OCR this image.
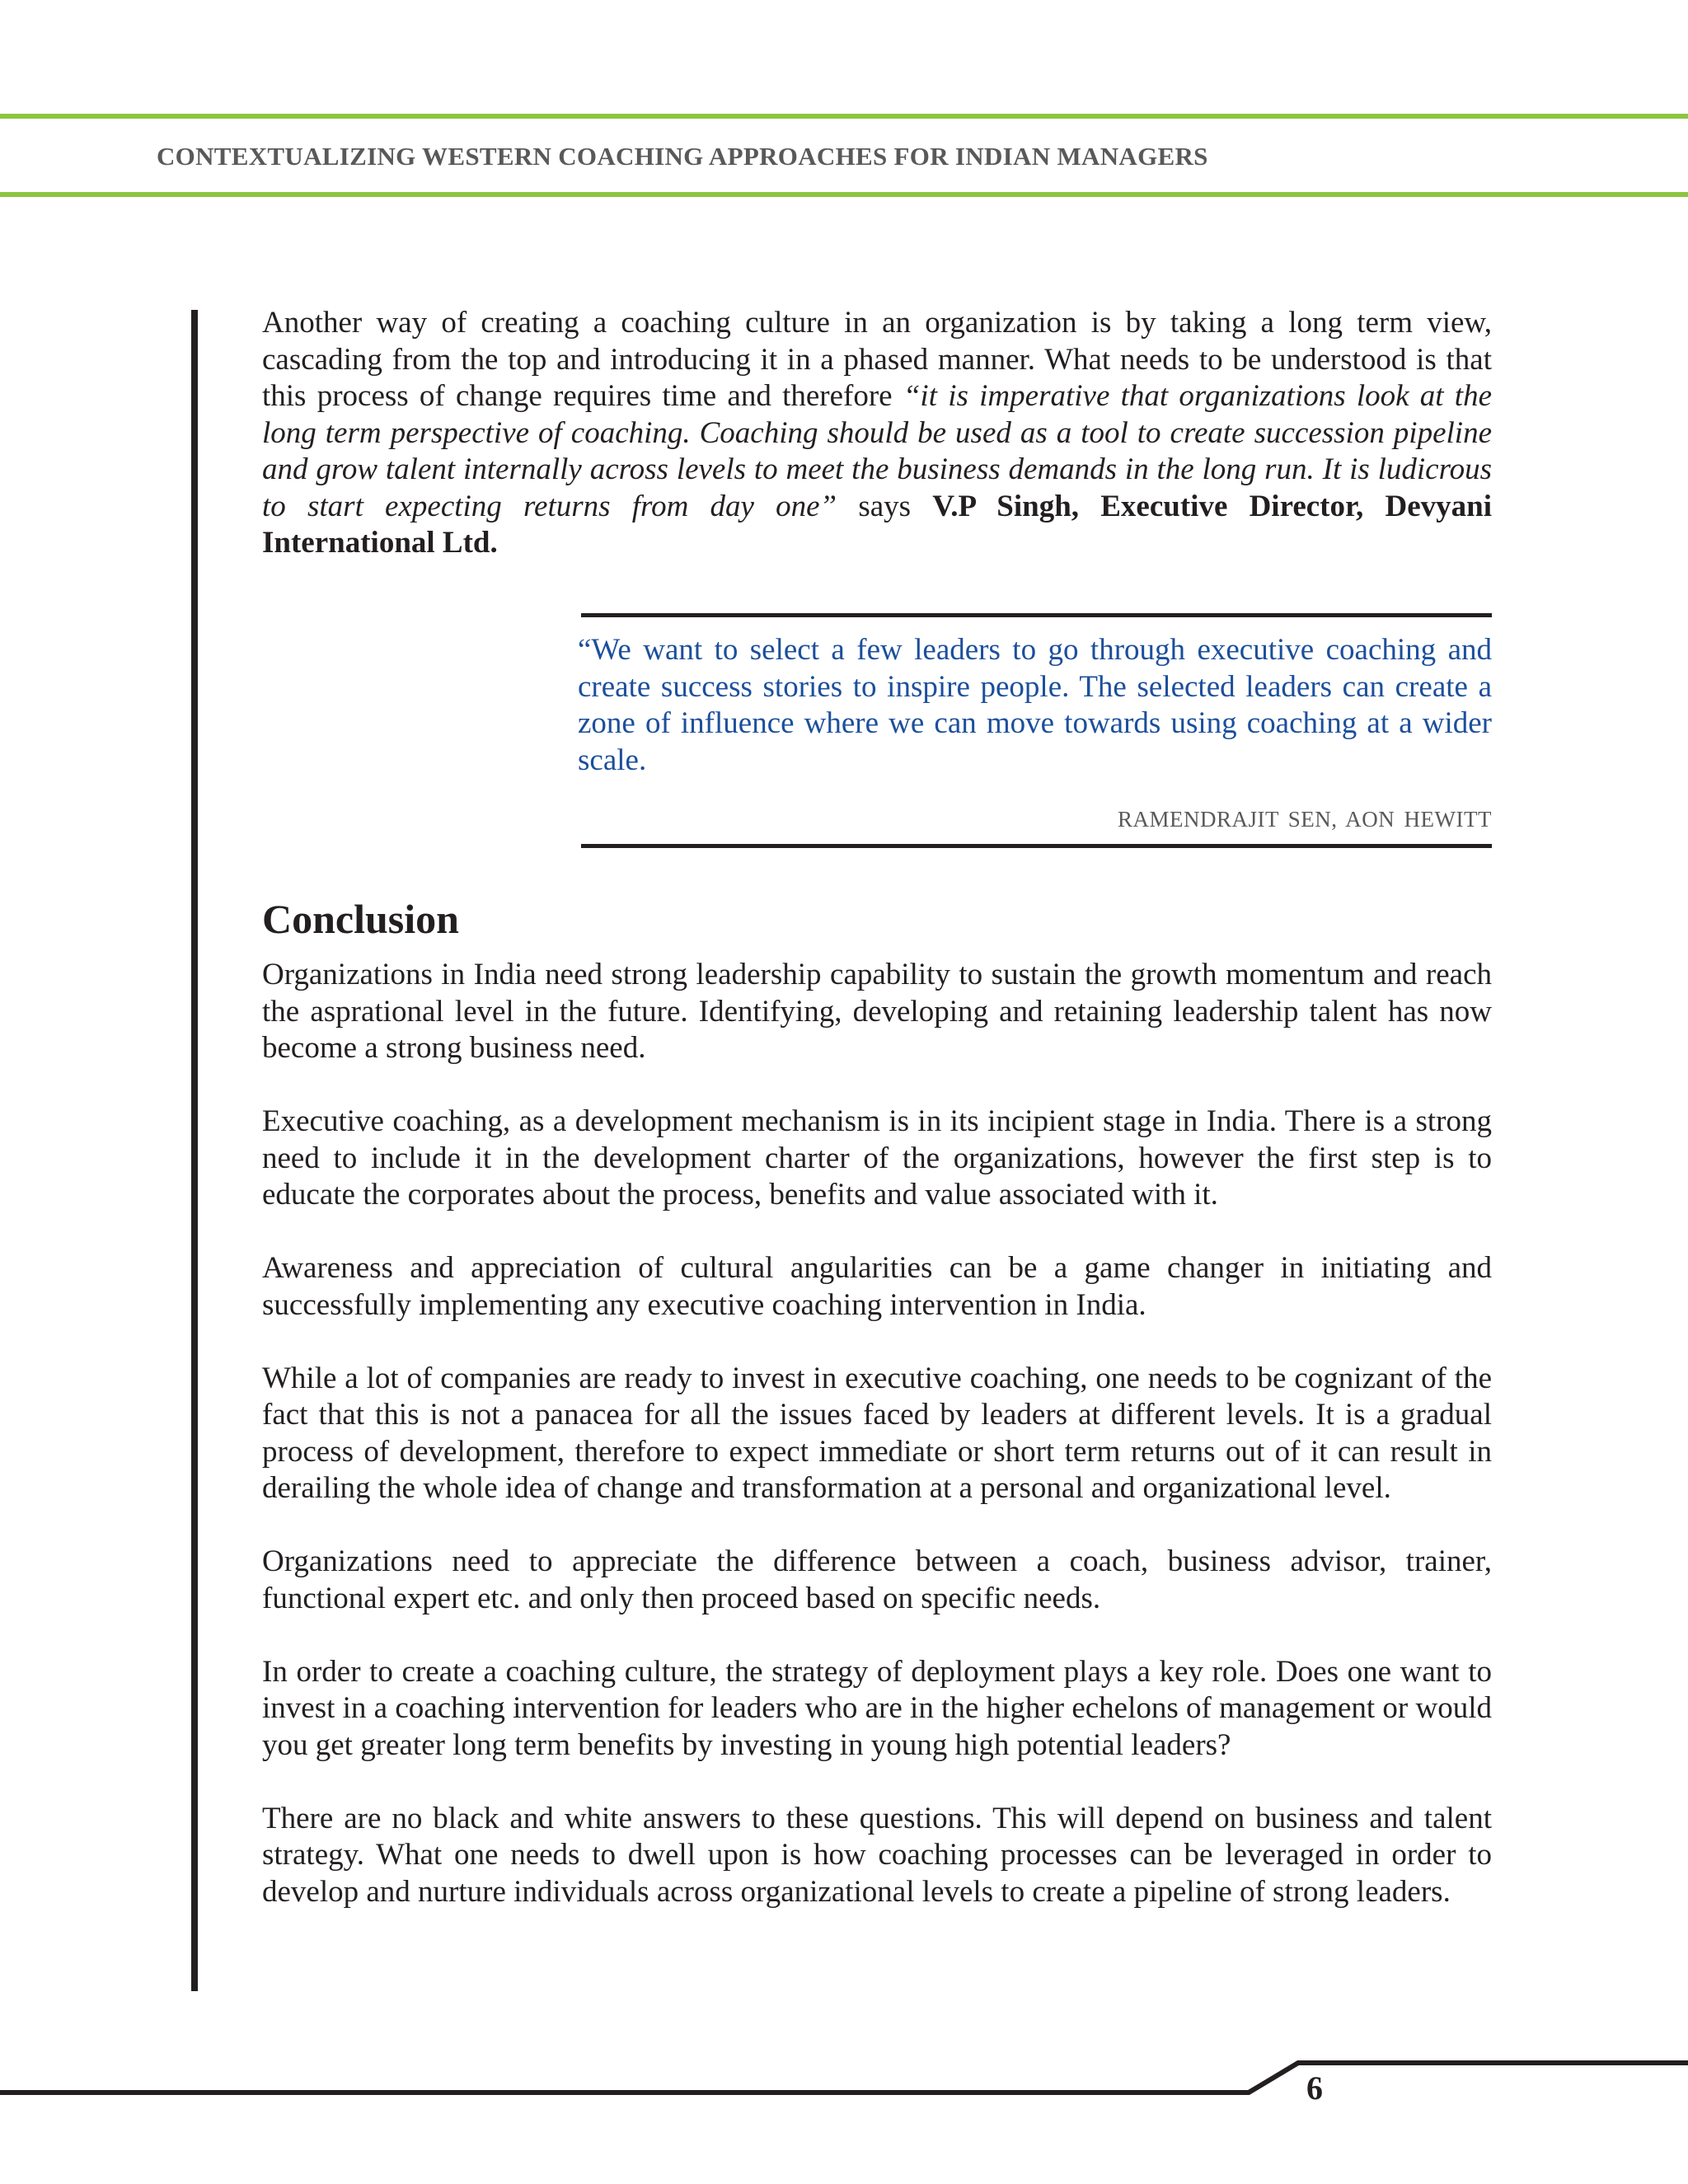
CONTEXTUALIZING WESTERN COACHING APPROACHES FOR INDIAN MANAGERS

Another way of creating a coaching culture in an organization is by taking a long term view, cascading from the top and introducing it in a phased manner. What needs to be understood is that this process of change requires time and therefore “it is imperative that organizations look at the long term perspective of coaching. Coaching should be used as a tool to create succession pipeline and grow talent internally across levels to meet the business demands in the long run. It is ludicrous to start expecting returns from day one” says V.P Singh, Executive Director, Devyani International Ltd.

“We want to select a few leaders to go through executive coaching and create success stories to inspire people. The selected leaders can create a zone of influence where we can move towards using coaching at a wider scale.

RAMENDRAJIT SEN, AON HEWITT
Conclusion

Organizations in India need strong leadership capability to sustain the growth momentum and reach the asprational level in the future. Identifying, developing and retaining leadership talent has now become a strong business need.

Executive coaching, as a development mechanism is in its incipient stage in India. There is a strong need to include it in the development charter of the organizations, however the first step is to educate the corporates about the process, benefits and value associated with it.

Awareness and appreciation of cultural angularities can be a game changer in initiating and successfully implementing any executive coaching intervention in India.

While a lot of companies are ready to invest in executive coaching, one needs to be cognizant of the fact that this is not a panacea for all the issues faced by leaders at different levels. It is a gradual process of development, therefore to expect immediate or short term returns out of it can result in derailing the whole idea of change and transformation at a personal and organizational level.

Organizations need to appreciate the difference between a coach, business advisor, trainer, functional expert etc. and only then proceed based on specific needs.

In order to create a coaching culture, the strategy of deployment plays a key role. Does one want to invest in a coaching intervention for leaders who are in the higher echelons of management or would you get greater long term benefits by investing in young high potential leaders?

There are no black and white answers to these questions. This will depend on business and talent strategy. What one needs to dwell upon is how coaching processes can be leveraged in order to develop and nurture individuals across organizational levels to create a pipeline of strong leaders.

6
